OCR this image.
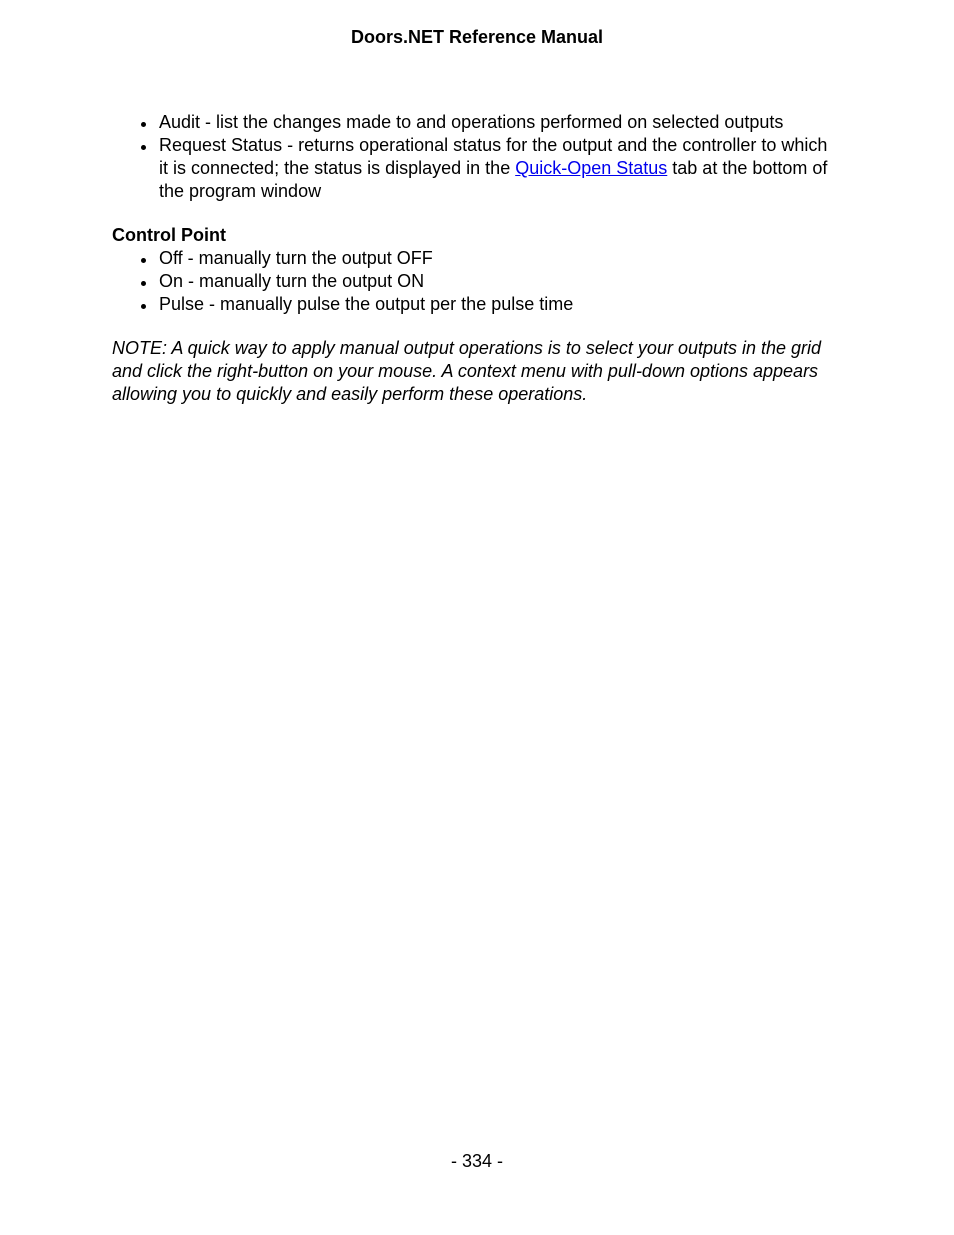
Doors.NET Reference Manual
Audit - list the changes made to and operations performed on selected outputs
Request Status - returns operational status for the output and the controller to which it is connected; the status is displayed in the Quick-Open Status tab at the bottom of the program window
Control Point
Off - manually turn the output OFF
On - manually turn the output ON
Pulse - manually pulse the output per the pulse time
NOTE: A quick way to apply manual output operations is to select your outputs in the grid and click the right-button on your mouse. A context menu with pull-down options appears allowing you to quickly and easily perform these operations.
- 334 -
